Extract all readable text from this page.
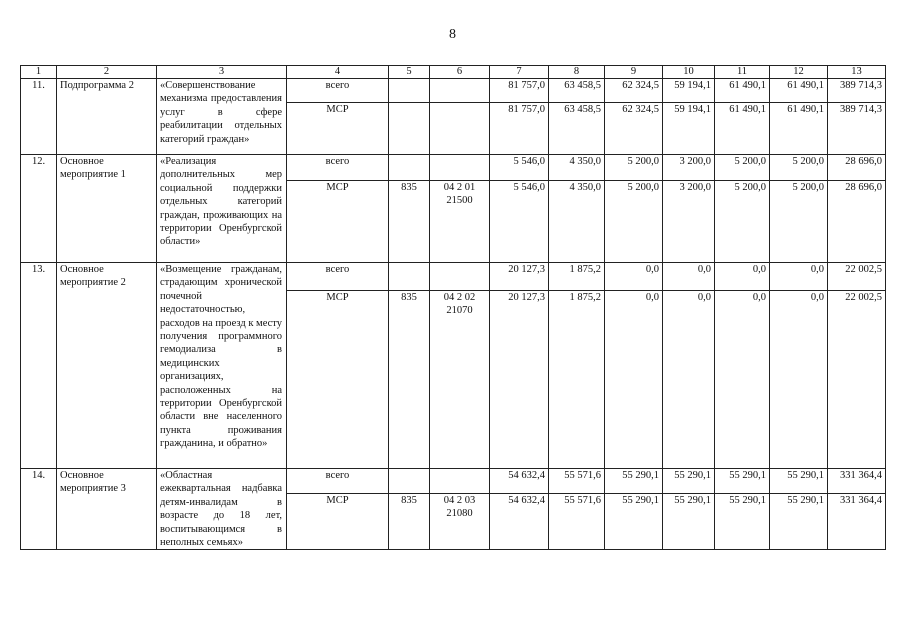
8
1	2	3	4	5	6	7	8	9	10	11	12	13
11.	Подпрограмма 2	«Совершенствование механизма предоставления услуг в сфере реабилитации отдельных категорий граждан»	всего			81 757,0	63 458,5	62 324,5	59 194,1	61 490,1	61 490,1	389 714,3
			МСР			81 757,0	63 458,5	62 324,5	59 194,1	61 490,1	61 490,1	389 714,3
12.	Основное мероприятие 1	«Реализация дополнительных мер социальной поддержки отдельных категорий граждан, проживающих на территории Оренбургской области»	всего			5 546,0	4 350,0	5 200,0	3 200,0	5 200,0	5 200,0	28 696,0
			МСР	835	04 2 01 21500	5 546,0	4 350,0	5 200,0	3 200,0	5 200,0	5 200,0	28 696,0
13.	Основное мероприятие 2	«Возмещение гражданам, страдающим хронической почечной недостаточностью, расходов на проезд к месту получения программного гемодиализа в медицинских организациях, расположенных на территории Оренбургской области вне населенного пункта проживания гражданина, и обратно»	всего			20 127,3	1 875,2	0,0	0,0	0,0	0,0	22 002,5
			МСР	835	04 2 02 21070	20 127,3	1 875,2	0,0	0,0	0,0	0,0	22 002,5
14.	Основное мероприятие 3	«Областная ежеквартальная надбавка детям-инвалидам в возрасте до 18 лет, воспитывающимся в неполных семьях»	всего			54 632,4	55 571,6	55 290,1	55 290,1	55 290,1	55 290,1	331 364,4
			МСР	835	04 2 03 21080	54 632,4	55 571,6	55 290,1	55 290,1	55 290,1	55 290,1	331 364,4
